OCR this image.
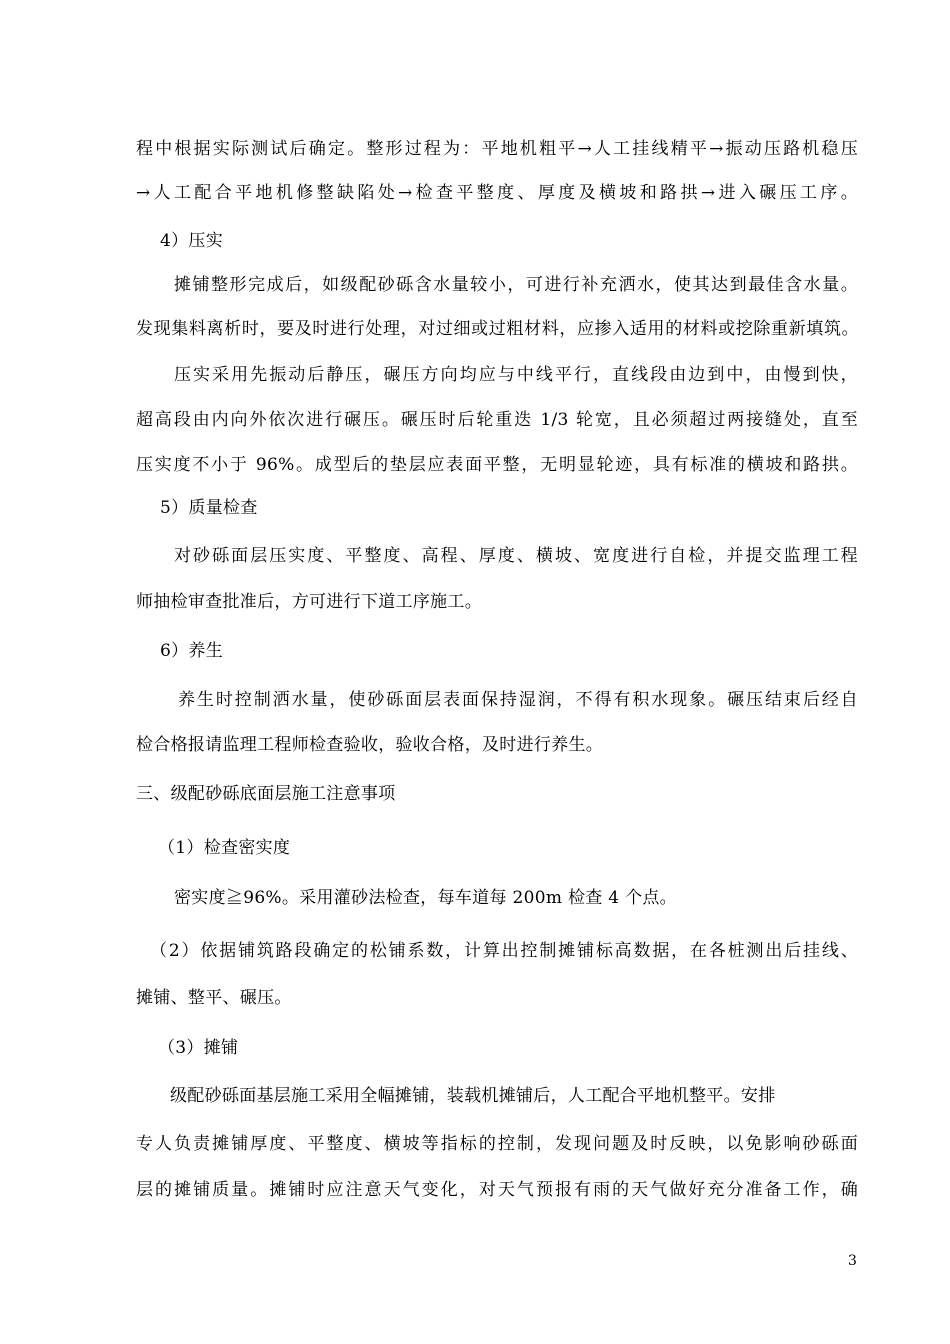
程中根据实际测试后确定。整形过程为：平地机粗平→人工挂线精平→振动压路机稳压
→人工配合平地机修整缺陷处→检查平整度、厚度及横坡和路拱→进入碾压工序。
4）压实
摊铺整形完成后，如级配砂砾含水量较小，可进行补充洒水，使其达到最佳含水量。
发现集料离析时，要及时进行处理，对过细或过粗材料，应掺入适用的材料或挖除重新填筑。
压实采用先振动后静压，碾压方向均应与中线平行，直线段由边到中，由慢到快，
超高段由内向外依次进行碾压。碾压时后轮重迭 1/3 轮宽，且必须超过两接缝处，直至
压实度不小于 96%。成型后的垫层应表面平整，无明显轮迹，具有标准的横坡和路拱。
5）质量检查
对砂砾面层压实度、平整度、高程、厚度、横坡、宽度进行自检，并提交监理工程
师抽检审查批准后，方可进行下道工序施工。
6）养生
养生时控制洒水量，使砂砾面层表面保持湿润，不得有积水现象。碾压结束后经自
检合格报请监理工程师检查验收，验收合格，及时进行养生。
三、级配砂砾底面层施工注意事项
（1）检查密实度
密实度≧96%。采用灌砂法检查，每车道每 200m 检查 4 个点。
（2）依据铺筑路段确定的松铺系数，计算出控制摊铺标高数据，在各桩测出后挂线、
摊铺、整平、碾压。
（3）摊铺
级配砂砾面基层施工采用全幅摊铺，装载机摊铺后，人工配合平地机整平。安排
专人负责摊铺厚度、平整度、横坡等指标的控制，发现问题及时反映，以免影响砂砾面
层的摊铺质量。摊铺时应注意天气变化，对天气预报有雨的天气做好充分准备工作，确
3
